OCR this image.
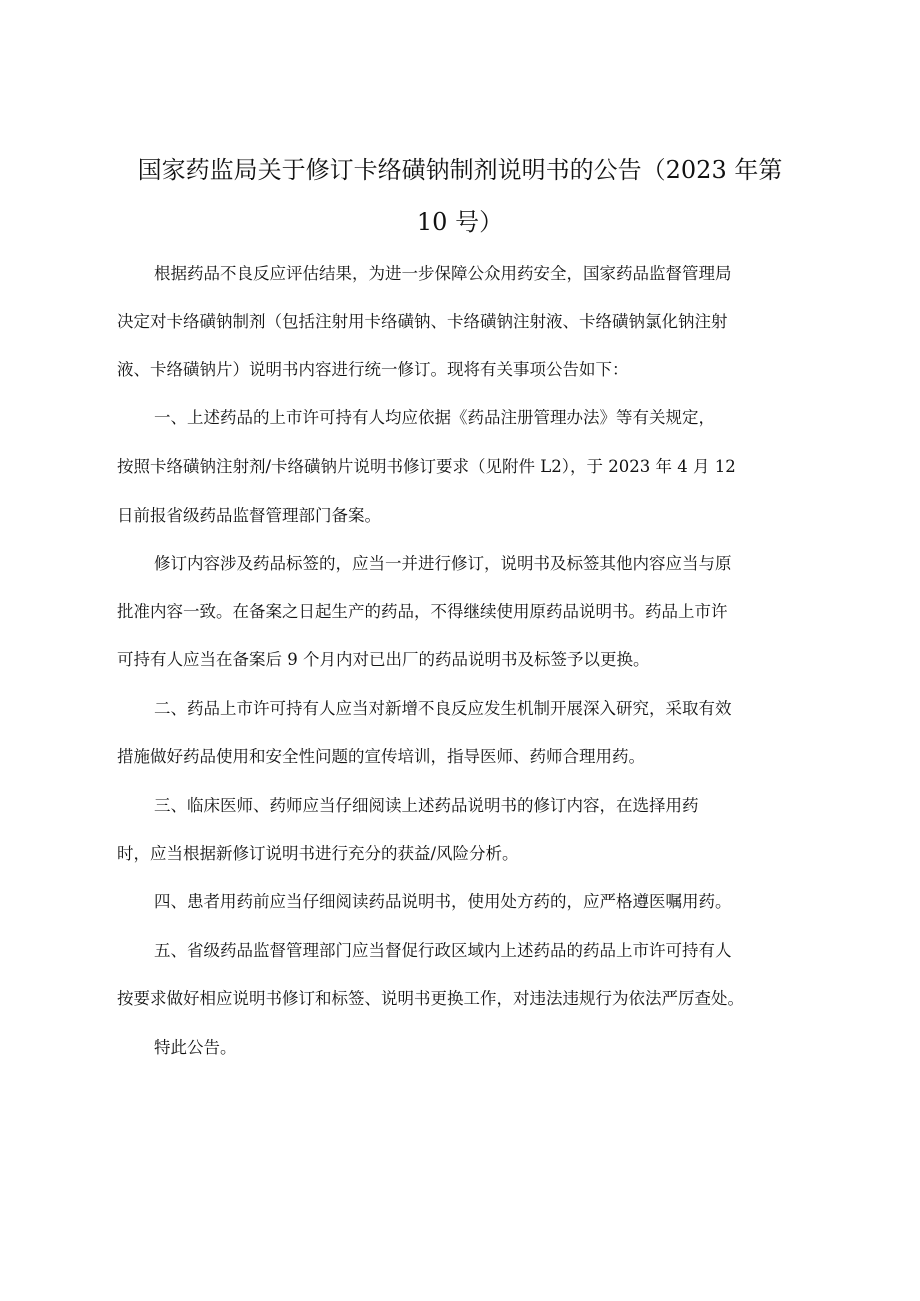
国家药监局关于修订卡络磺钠制剂说明书的公告（2023 年第
10 号）

根据药品不良反应评估结果，为进一步保障公众用药安全，国家药品监督管理局

决定对卡络磺钠制剂（包括注射用卡络磺钠、卡络磺钠注射液、卡络磺钠氯化钠注射

液、卡络磺钠片）说明书内容进行统一修订。现将有关事项公告如下：

一、上述药品的上市许可持有人均应依据《药品注册管理办法》等有关规定，

按照卡络磺钠注射剂/卡络磺钠片说明书修订要求（见附件 L2），于 2023 年 4 月 12

日前报省级药品监督管理部门备案。

修订内容涉及药品标签的，应当一并进行修订，说明书及标签其他内容应当与原

批准内容一致。在备案之日起生产的药品，不得继续使用原药品说明书。药品上市许

可持有人应当在备案后 9 个月内对已出厂的药品说明书及标签予以更换。

二、药品上市许可持有人应当对新增不良反应发生机制开展深入研究，采取有效

措施做好药品使用和安全性问题的宣传培训，指导医师、药师合理用药。

三、临床医师、药师应当仔细阅读上述药品说明书的修订内容，在选择用药

时，应当根据新修订说明书进行充分的获益/风险分析。

四、患者用药前应当仔细阅读药品说明书，使用处方药的，应严格遵医嘱用药。

五、省级药品监督管理部门应当督促行政区域内上述药品的药品上市许可持有人

按要求做好相应说明书修订和标签、说明书更换工作，对违法违规行为依法严厉查处。

特此公告。
